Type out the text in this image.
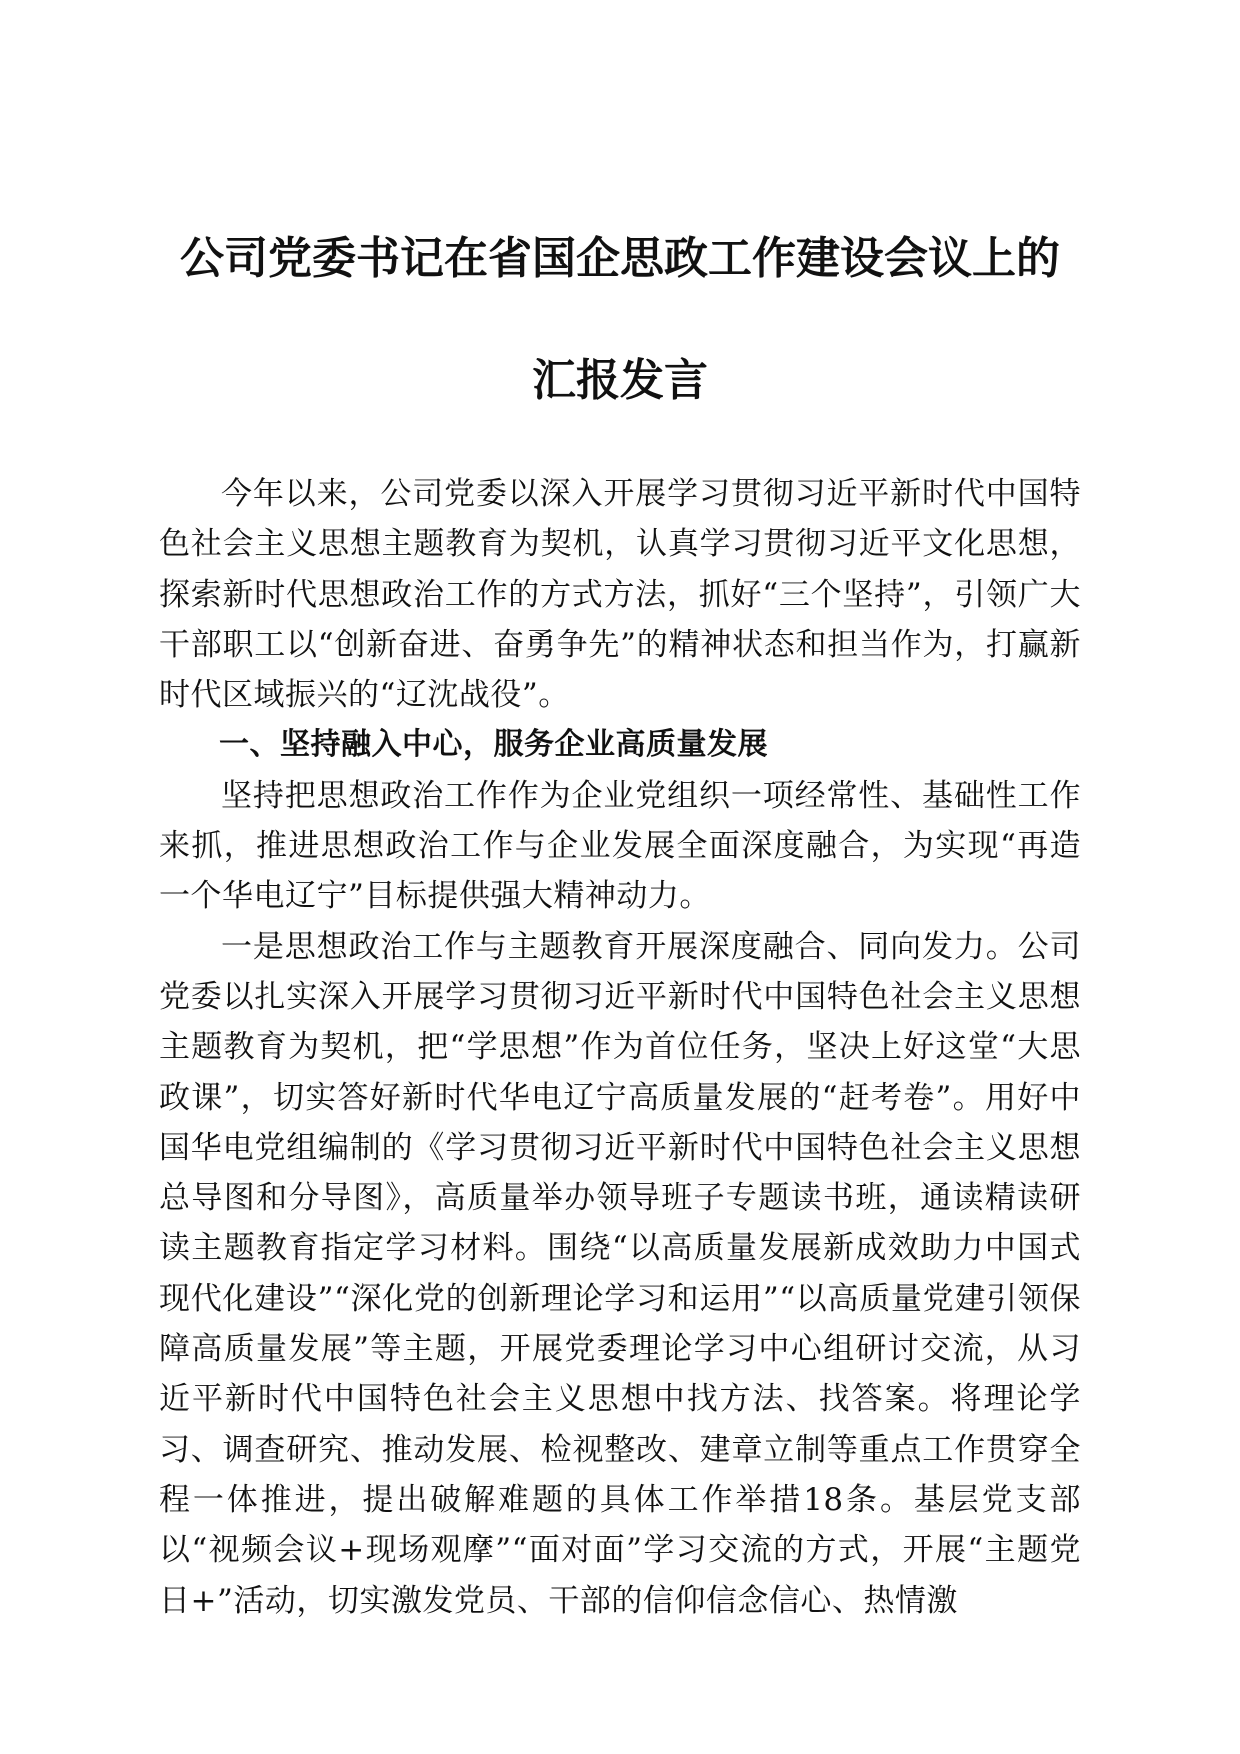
公司党委书记在省国企思政工作建设会议上的
汇报发言

今年以来，公司党委以深入开展学习贯彻习近平新时代中国特色社会主义思想主题教育为契机，认真学习贯彻习近平文化思想，探索新时代思想政治工作的方式方法，抓好“三个坚持”，引领广大干部职工以“创新奋进、奋勇争先”的精神状态和担当作为，打赢新时代区域振兴的“辽沈战役”。

一、坚持融入中心，服务企业高质量发展

坚持把思想政治工作作为企业党组织一项经常性、基础性工作来抓，推进思想政治工作与企业发展全面深度融合，为实现“再造一个华电辽宁”目标提供强大精神动力。

一是思想政治工作与主题教育开展深度融合、同向发力。公司党委以扎实深入开展学习贯彻习近平新时代中国特色社会主义思想主题教育为契机，把“学思想”作为首位任务，坚决上好这堂“大思政课”，切实答好新时代华电辽宁高质量发展的“赶考卷”。用好中国华电党组编制的《学习贯彻习近平新时代中国特色社会主义思想总导图和分导图》，高质量举办领导班子专题读书班，通读精读研读主题教育指定学习材料。围绕“以高质量发展新成效助力中国式现代化建设”“深化党的创新理论学习和运用”“以高质量党建引领保障高质量发展”等主题，开展党委理论学习中心组研讨交流，从习近平新时代中国特色社会主义思想中找方法、找答案。将理论学习、调查研究、推动发展、检视整改、建章立制等重点工作贯穿全程一体推进，提出破解难题的具体工作举措18条。基层党支部以“视频会议+现场观摩”“面对面”学习交流的方式，开展“主题党日+”活动，切实激发党员、干部的信仰信念信心、热情激
